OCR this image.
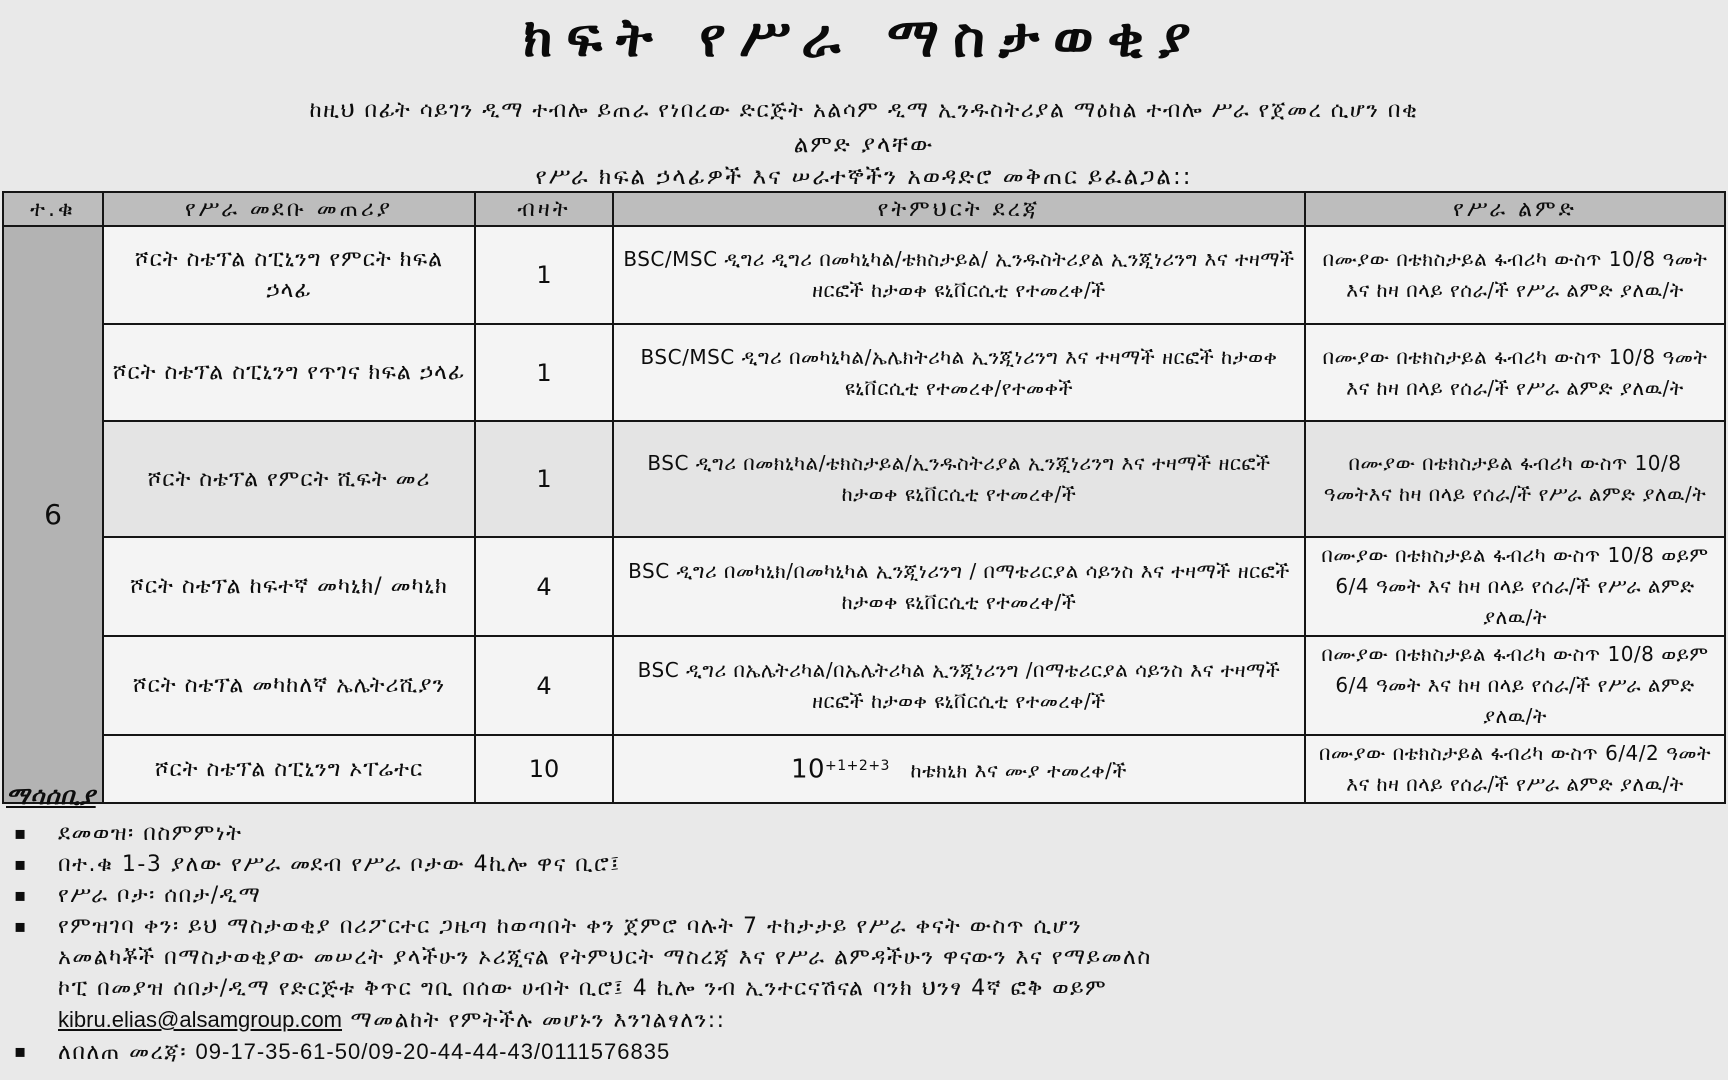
ክፍት የሥራ ማስታወቂያ
ከዚህ በፊት ሳይገን ዲማ ተብሎ ይጠራ የነበረው ድርጅት አልሳም ዲማ ኢንዱስትሪያል ማዕከል ተብሎ ሥራ የጀመረ ሲሆን በቂ
ልምድ ያላቸው
የሥራ ክፍል ኃላፊዎች እና ሠራተኞችን አወዳድሮ መቅጠር ይፈልጋል::
ተ.ቁ	የሥራ መደቡ መጠሪያ	ብዛት	የትምህርት ደረጃ	የሥራ ልምድ
6	ሾርት ስቴፕል ስፒኒንግ የምርት ክፍል ኃላፊ	1	BSC/MSC ዲግሪ ዲግሪ በመካኒካል/ቴክስታይል/ ኢንዱስትሪያል ኢንጂነሪንግ እና ተዛማች ዘርፎች ከታወቀ ዩኒቨርሲቲ የተመረቀ/ች	በሙያው በቴክስታይል ፋብሪካ ውስጥ 10/8 ዓመት እና ከዛ በላይ የሰራ/ች የሥራ ልምድ ያለዉ/ት
	ሾርት ስቴፕል ስፒኒንግ የጥገና ክፍል ኃላፊ	1	BSC/MSC ዲግሪ በመካኒካል/ኤሌክትሪካል ኢንጂነሪንግ እና ተዛማች ዘርፎች ከታወቀ ዩኒቨርሲቲ የተመረቀ/የተመቀች	በሙያው በቴክስታይል ፋብሪካ ውስጥ 10/8 ዓመት እና ከዛ በላይ የሰራ/ች የሥራ ልምድ ያለዉ/ት
	ሾርት ስቴፕል የምርት ሺፍት መሪ	1	BSC ዲግሪ በመክኒካል/ቴክስታይል/ኢንዱስትሪያል ኢንጂነሪንግ እና ተዛማች ዘርፎች ከታወቀ ዩኒቨርሲቲ የተመረቀ/ች	በሙያው በቴክስታይል ፋብሪካ ውስጥ 10/8 ዓመትእና ከዛ በላይ የሰራ/ች የሥራ ልምድ ያለዉ/ት
	ሾርት ስቴፕል ከፍተኛ መካኒክ/ መካኒክ	4	BSC ዲግሪ በመካኒክ/በመካኒካል ኢንጂነሪንግ / በማቴሪርያል ሳይንስ እና ተዛማች ዘርፎች ከታወቀ ዩኒቨርሲቲ የተመረቀ/ች	በሙያው በቴክስታይል ፋብሪካ ውስጥ 10/8 ወይም 6/4 ዓመት እና ከዛ በላይ የሰራ/ች የሥራ ልምድ ያለዉ/ት
	ሾርት ስቴፕል መካከለኛ ኤሌትሪሺያን	4	BSC ዲግሪ በኤሌትሪካል/በኤሌትሪካል ኢንጂነሪንግ /በማቴሪርያል ሳይንስ እና ተዛማች ዘርፎች ከታወቀ ዩኒቨርሲቲ የተመረቀ/ች	በሙያው በቴክስታይል ፋብሪካ ውስጥ 10/8 ወይም 6/4 ዓመት እና ከዛ በላይ የሰራ/ች የሥራ ልምድ ያለዉ/ት
	ሾርት ስቴፕል ስፒኒንግ ኦፐሬተር	10	$10^{+1+2+3}$ ከቴክኒክ እና ሙያ ተመረቀ/ች	በሙያው በቴክስታይል ፋብሪካ ውስጥ 6/4/2 ዓመት እና ከዛ በላይ የሰራ/ች የሥራ ልምድ ያለዉ/ት
ማሳሰቢያ
▪ ደመወዝ፡ በስምምነት
▪ በተ.ቁ 1-3 ያለው የሥራ መደብ የሥራ ቦታው 4ኪሎ ዋና ቢሮ፤
▪ የሥራ ቦታ፡ ሰበታ/ዲማ
▪ የምዝገባ ቀን፡ ይህ ማስታወቂያ በሪፖርተር ጋዜጣ ከወጣበት ቀን ጀምሮ ባሉት 7 ተከታታይ የሥራ ቀናት ውስጥ ሲሆን
አመልካቾች በማስታወቂያው መሠረት ያላችሁን ኦሪጂናል የትምህርት ማስረጃ እና የሥራ ልምዳችሁን ዋናውን እና የማይመለስ
ኮፒ በመያዝ ሰበታ/ዲማ የድርጅቱ ቅጥር ግቢ በሰው ሀብት ቢሮ፤ 4 ኪሎ ንብ ኢንተርናሽናል ባንክ ህንፃ 4ኛ ፎቅ ወይም
kibru.elias@alsamgroup.com ማመልከት የምትችሉ መሆኑን እንገልፃለን::
▪ ለበለጠ መረጃ፡ 09-17-35-61-50/09-20-44-44-43/0111576835
